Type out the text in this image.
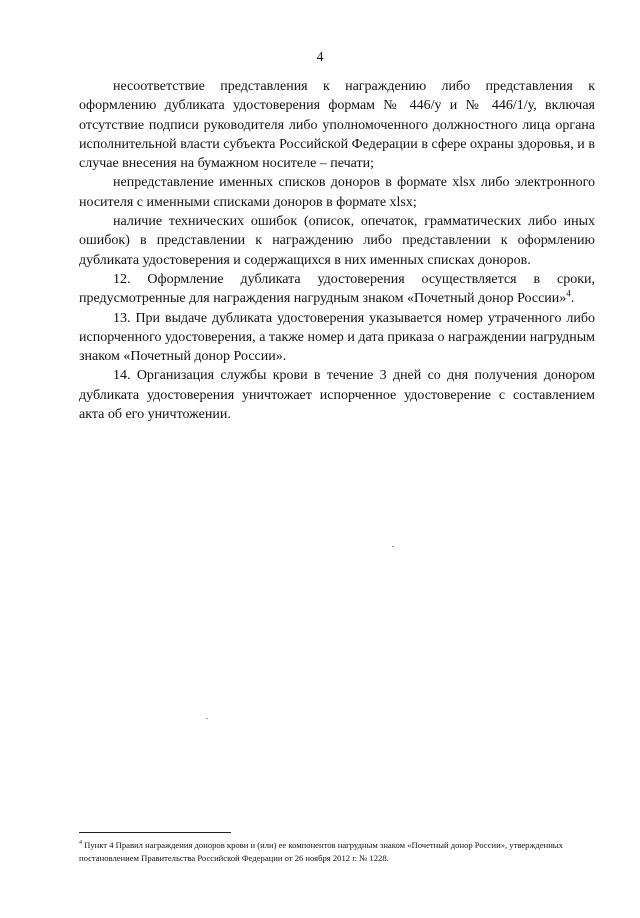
4

несоответствие представления к награждению либо представления к оформлению дубликата удостоверения формам № 446/у и № 446/1/у, включая отсутствие подписи руководителя либо уполномоченного должностного лица органа исполнительной власти субъекта Российской Федерации в сфере охраны здоровья, и в случае внесения на бумажном носителе – печати;

непредставление именных списков доноров в формате xlsx либо электронного носителя с именными списками доноров в формате xlsx;

наличие технических ошибок (описок, опечаток, грамматических либо иных ошибок) в представлении к награждению либо представлении к оформлению дубликата удостоверения и содержащихся в них именных списках доноров.

12. Оформление дубликата удостоверения осуществляется в сроки, предусмотренные для награждения нагрудным знаком «Почетный донор России»$^4$.

13. При выдаче дубликата удостоверения указывается номер утраченного либо испорченного удостоверения, а также номер и дата приказа о награждении нагрудным знаком «Почетный донор России».

14. Организация службы крови в течение 3 дней со дня получения донором дубликата удостоверения уничтожает испорченное удостоверение с составлением акта об его уничтожении.

$^4$ Пункт 4 Правил награждения доноров крови и (или) ее компонентов нагрудным знаком «Почетный донор России», утвержденных постановлением Правительства Российской Федерации от 26 ноября 2012 г. № 1228.
